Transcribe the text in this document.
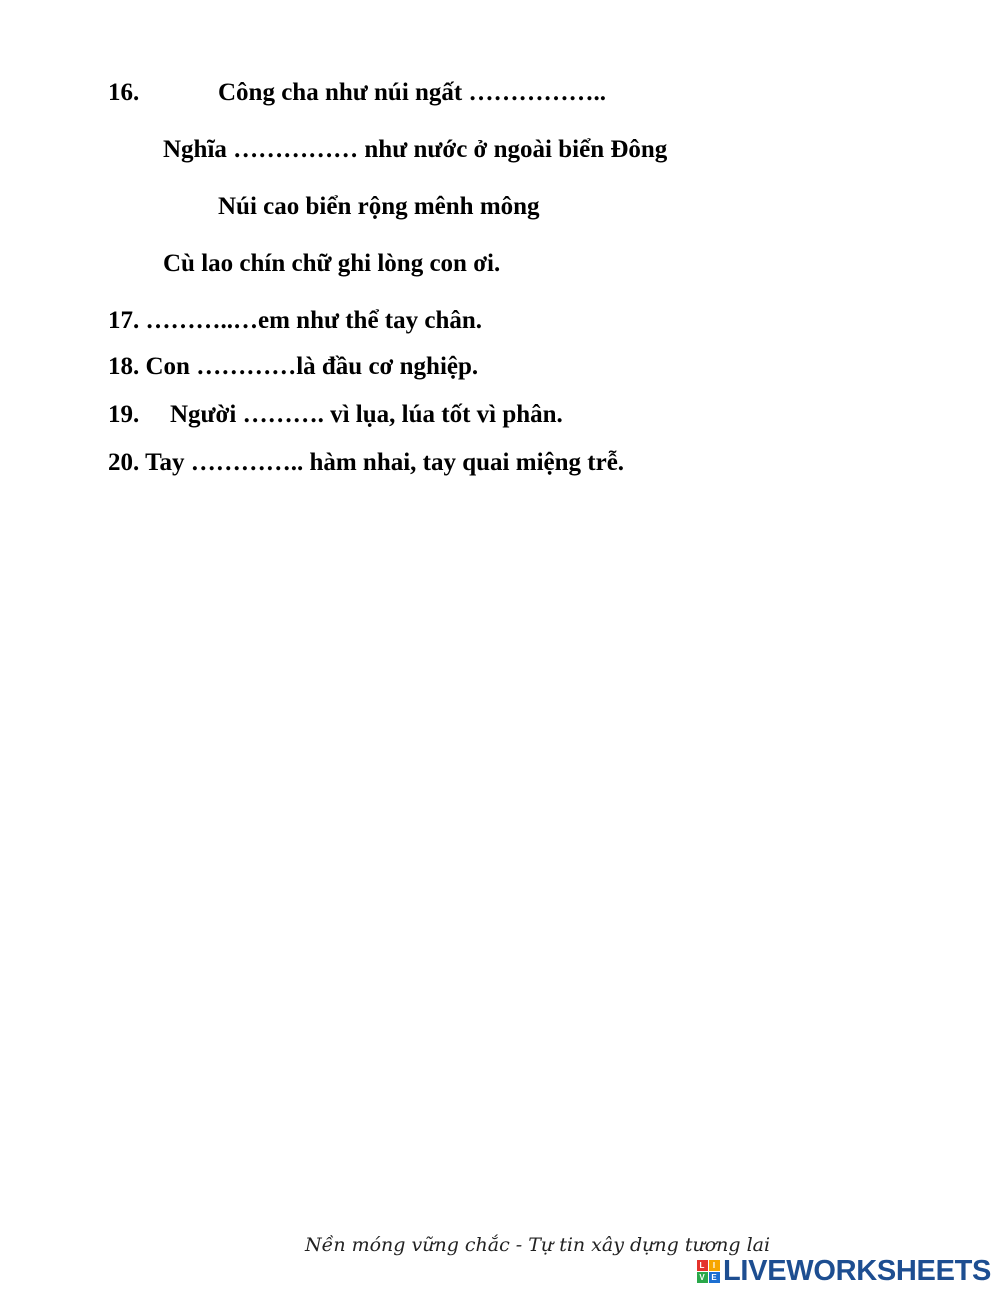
16.	Công cha như núi ngất ……………..
Nghĩa …………… như nước ở ngoài biển Đông
Núi cao biển rộng mênh mông
Cù lao chín chữ ghi lòng con ơi.
17. ………..…em như thể tay chân.
18. Con …………là đầu cơ nghiệp.
19. Người ………. vì lụa, lúa tốt vì phân.
20. Tay ………….. hàm nhai, tay quai miệng trễ.
Nền móng vững chắc - Tự tin xây dựng tương lai
L	I
V E LIVEWORKSHEETS
